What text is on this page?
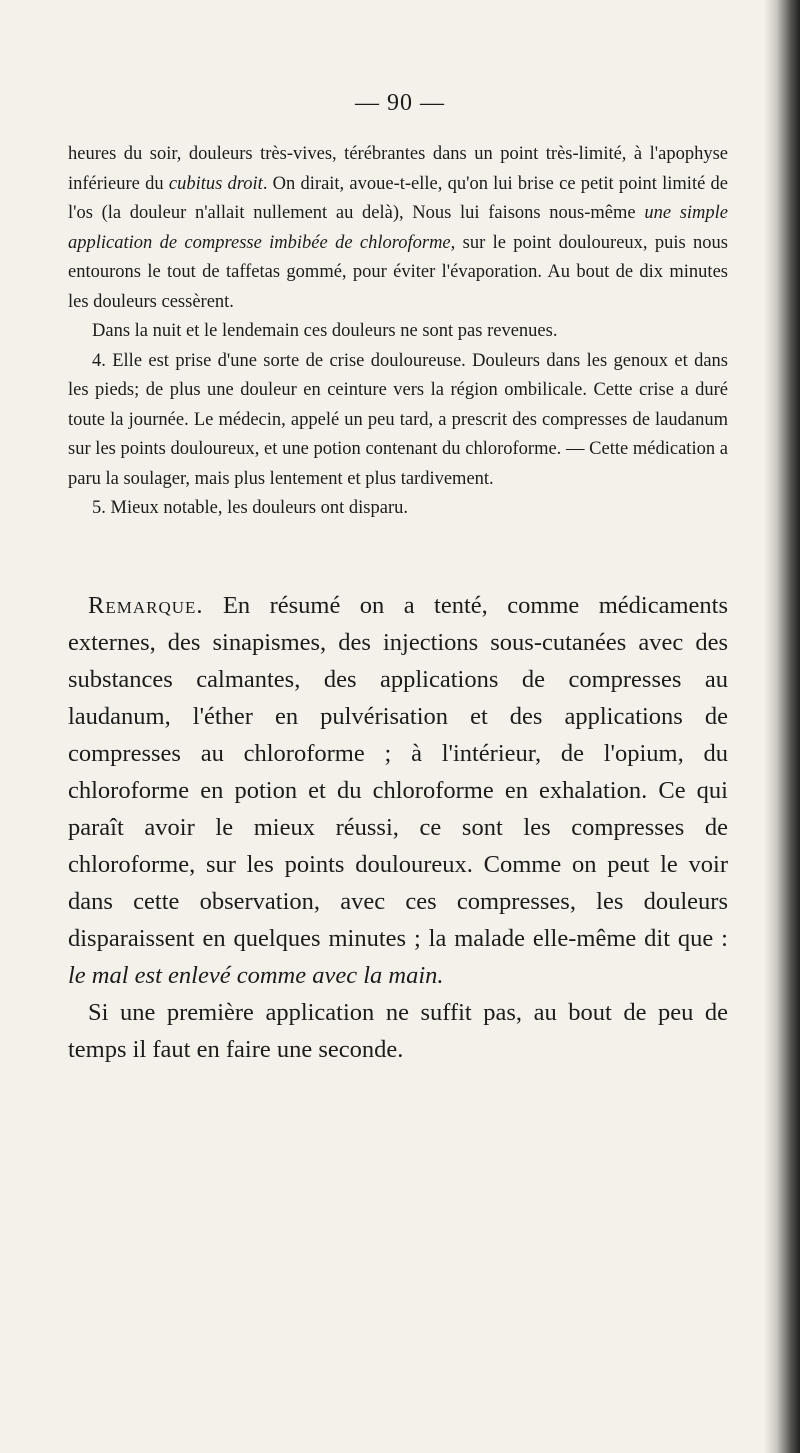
— 90 —

heures du soir, douleurs très-vives, térébrantes dans un point très-limité, à l'apophyse inférieure du cubitus droit. On dirait, avoue-t-elle, qu'on lui brise ce petit point limité de l'os (la douleur n'allait nullement au delà), Nous lui faisons nous-même une simple application de compresse imbibée de chloroforme, sur le point douloureux, puis nous entourons le tout de taffetas gommé, pour éviter l'évaporation. Au bout de dix minutes les douleurs cessèrent.

Dans la nuit et le lendemain ces douleurs ne sont pas revenues.

4. Elle est prise d'une sorte de crise douloureuse. Douleurs dans les genoux et dans les pieds; de plus une douleur en ceinture vers la région ombilicale. Cette crise a duré toute la journée. Le médecin, appelé un peu tard, a prescrit des compresses de laudanum sur les points douloureux, et une potion contenant du chloroforme. — Cette médication a paru la soulager, mais plus lentement et plus tardivement.

5. Mieux notable, les douleurs ont disparu.

Remarque. En résumé on a tenté, comme médicaments externes, des sinapismes, des injections sous-cutanées avec des substances calmantes, des applications de compresses au laudanum, l'éther en pulvérisation et des applications de compresses au chloroforme ; à l'intérieur, de l'opium, du chloroforme en potion et du chloroforme en exhalation. Ce qui paraît avoir le mieux réussi, ce sont les compresses de chloroforme, sur les points douloureux. Comme on peut le voir dans cette observation, avec ces compresses, les douleurs disparaissent en quelques minutes ; la malade elle-même dit que : le mal est enlevé comme avec la main.

Si une première application ne suffit pas, au bout de peu de temps il faut en faire une seconde.
